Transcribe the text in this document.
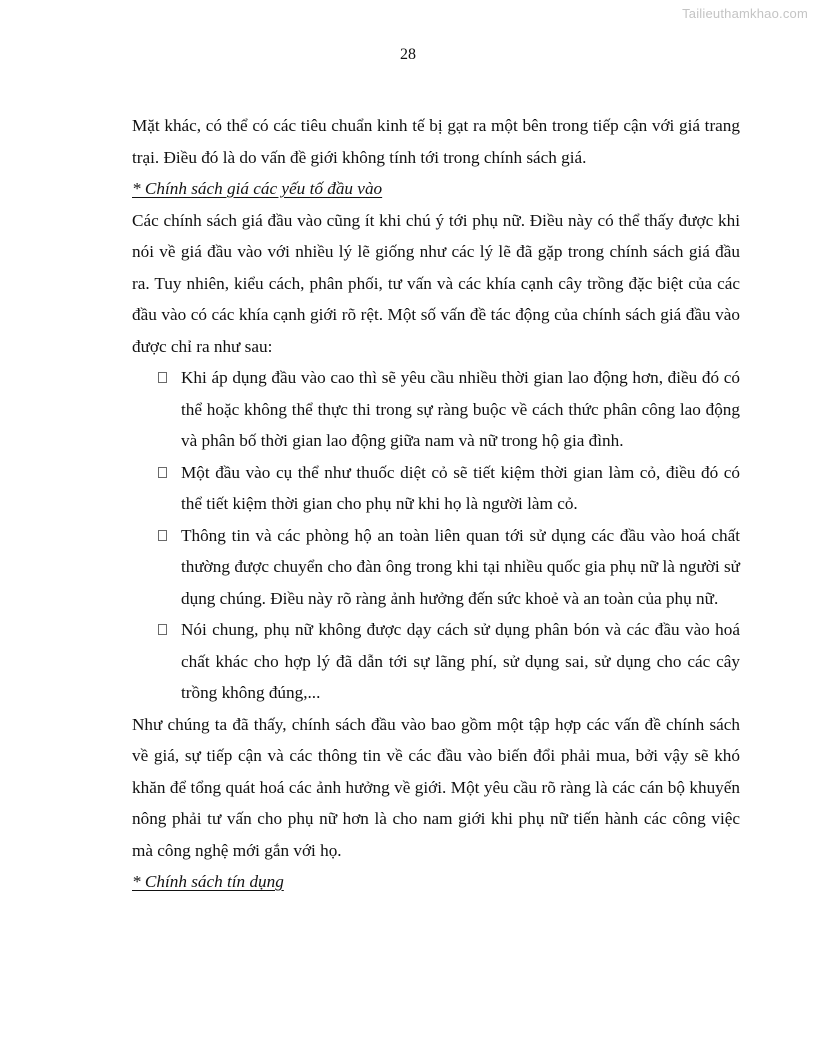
Tailieuthamkhao.com
28

Mặt khác, có thể có các tiêu chuẩn kinh tế bị gạt ra một bên trong tiếp cận với giá trang trại. Điều đó là do vấn đề giới không tính tới trong chính sách giá.

* Chính sách giá các yếu tố đầu vào

Các chính sách giá đầu vào cũng ít khi chú ý tới phụ nữ. Điều này có thể thấy được khi nói về giá đầu vào với nhiều lý lẽ giống như các lý lẽ đã gặp trong chính sách giá đầu ra. Tuy nhiên, kiểu cách, phân phối, tư vấn và các khía cạnh cây trồng đặc biệt của các đầu vào có các khía cạnh giới rõ rệt. Một số vấn đề tác động của chính sách giá đầu vào được chỉ ra như sau:

Khi áp dụng đầu vào cao thì sẽ yêu cầu nhiều thời gian lao động hơn, điều đó có thể hoặc không thể thực thi trong sự ràng buộc về cách thức phân công lao động và phân bố thời gian lao động giữa nam và nữ trong hộ gia đình.
Một đầu vào cụ thể như thuốc diệt cỏ sẽ tiết kiệm thời gian làm cỏ, điều đó có thể tiết kiệm thời gian cho phụ nữ khi họ là người làm cỏ.
Thông tin và các phòng hộ an toàn liên quan tới sử dụng các đầu vào hoá chất thường được chuyển cho đàn ông trong khi tại nhiều quốc gia phụ nữ là người sử dụng chúng. Điều này rõ ràng ảnh hưởng đến sức khoẻ và an toàn của phụ nữ.
Nói chung, phụ nữ không được dạy cách sử dụng phân bón và các đầu vào hoá chất khác cho hợp lý đã dẫn tới sự lãng phí, sử dụng sai, sử dụng cho các cây trồng không đúng,...

Như chúng ta đã thấy, chính sách đầu vào bao gồm một tập hợp các vấn đề chính sách về giá, sự tiếp cận và các thông tin về các đầu vào biến đổi phải mua, bởi vậy sẽ khó khăn để tổng quát hoá các ảnh hưởng về giới. Một yêu cầu rõ ràng là các cán bộ khuyến nông phải tư vấn cho phụ nữ hơn là cho nam giới khi phụ nữ tiến hành các công việc mà công nghệ mới gắn với họ.

* Chính sách tín dụng
